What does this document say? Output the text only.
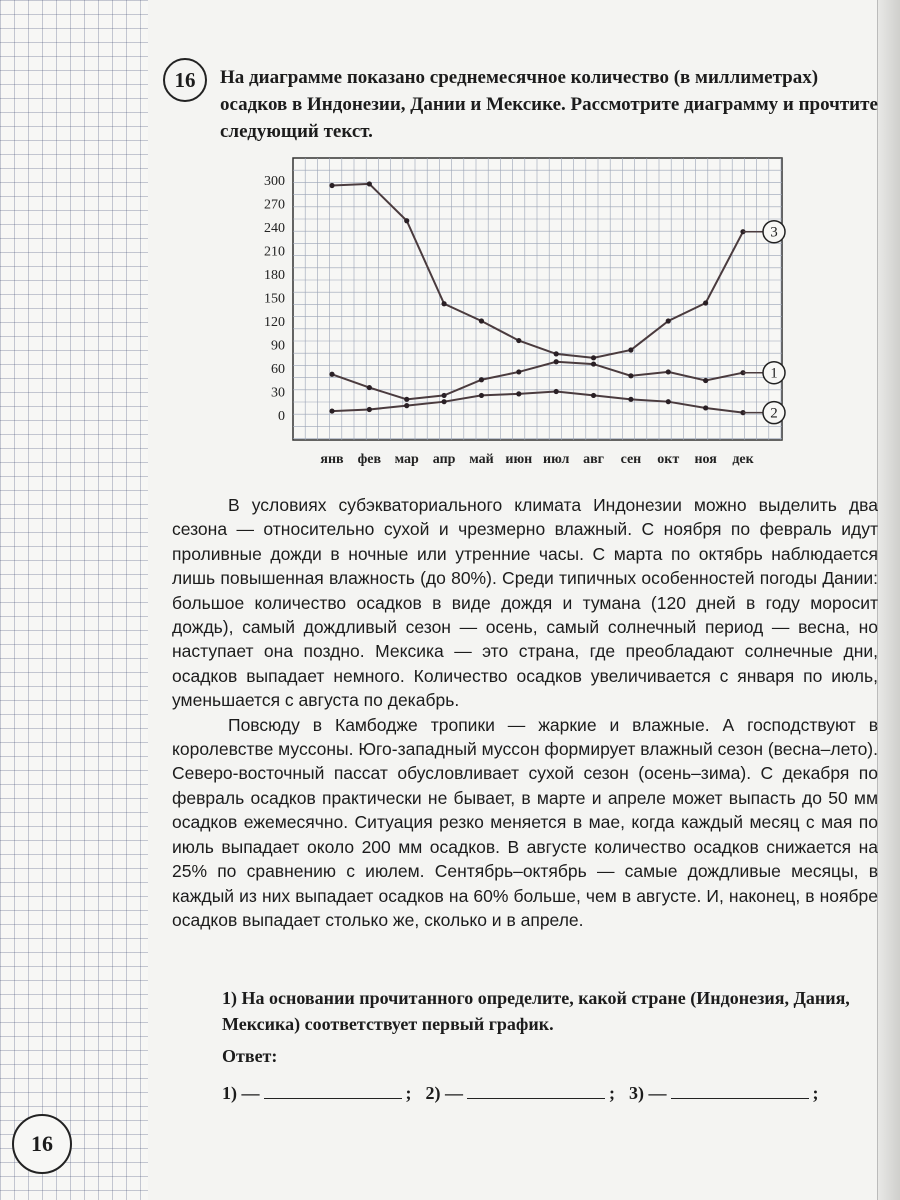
16 На диаграмме показано среднемесячное количество (в миллиметрах) осадков в Индонезии, Дании и Мексике. Рассмотрите диаграмму и прочтите следующий текст.

300
270
240
210
180
150
120
90
60
30
0
янв фев мар апр май июн июл авг сен окт ноя дек
1
2
3

В условиях субэкваториального климата Индонезии можно выделить два сезона — относительно сухой и чрезмерно влажный. С ноября по февраль идут проливные дожди в ночные или утренние часы. С марта по октябрь наблюдается лишь повышенная влажность (до 80%). Среди типичных особенностей погоды Дании: большое количество осадков в виде дождя и тумана (120 дней в году моросит дождь), самый дождливый сезон — осень, самый солнечный период — весна, но наступает она поздно. Мексика — это страна, где преобладают солнечные дни, осадков выпадает немного. Количество осадков увеличивается с января по июль, уменьшается с августа по декабрь.

Повсюду в Камбодже тропики — жаркие и влажные. А господствуют в королевстве муссоны. Юго-западный муссон формирует влажный сезон (весна–лето). Северо-восточный пассат обусловливает сухой сезон (осень–зима). С декабря по февраль осадков практически не бывает, в марте и апреле может выпасть до 50 мм осадков ежемесячно. Ситуация резко меняется в мае, когда каждый месяц с мая по июль выпадает около 200 мм осадков. В августе количество осадков снижается на 25% по сравнению с июлем. Сентябрь–октябрь — самые дождливые месяцы, в каждый из них выпадает осадков на 60% больше, чем в августе. И, наконец, в ноябре осадков выпадает столько же, сколько и в апреле.

1) На основании прочитанного определите, какой стране (Индонезия, Дания, Мексика) соответствует первый график.

Ответ:
1) —	; 2) —	; 3) —	;
16
